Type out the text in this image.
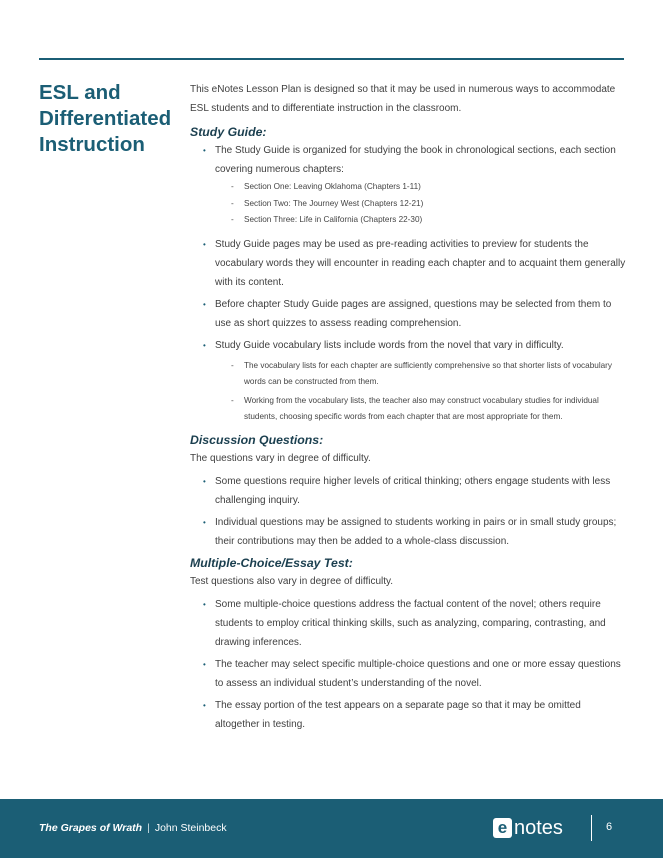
ESL and
Differentiated
Instruction

This eNotes Lesson Plan is designed so that it may be used in numerous ways to accommodate ESL students and to differentiate instruction in the classroom.

Study Guide:
• The Study Guide is organized for studying the book in chronological sections, each section covering numerous chapters:
- Section One: Leaving Oklahoma (Chapters 1-11)
- Section Two: The Journey West (Chapters 12-21)
- Section Three: Life in California (Chapters 22-30)
• Study Guide pages may be used as pre-reading activities to preview for students the vocabulary words they will encounter in reading each chapter and to acquaint them generally with its content.
• Before chapter Study Guide pages are assigned, questions may be selected from them to use as short quizzes to assess reading comprehension.
• Study Guide vocabulary lists include words from the novel that vary in difficulty.
- The vocabulary lists for each chapter are sufficiently comprehensive so that shorter lists of vocabulary words can be constructed from them.
- Working from the vocabulary lists, the teacher also may construct vocabulary studies for individual students, choosing specific words from each chapter that are most appropriate for them.
Discussion Questions:

The questions vary in degree of difficulty.

• Some questions require higher levels of critical thinking; others engage students with less challenging inquiry.
• Individual questions may be assigned to students working in pairs or in small study groups; their contributions may then be added to a whole-class discussion.
Multiple-Choice/Essay Test:

Test questions also vary in degree of difficulty.

• Some multiple-choice questions address the factual content of the novel; others require students to employ critical thinking skills, such as analyzing, comparing, contrasting, and drawing inferences.
• The teacher may select specific multiple-choice questions and one or more essay questions to assess an individual student’s understanding of the novel.
• The essay portion of the test appears on a separate page so that it may be omitted altogether in testing.
The Grapes of Wrath | John Steinbeck	e notes	6
